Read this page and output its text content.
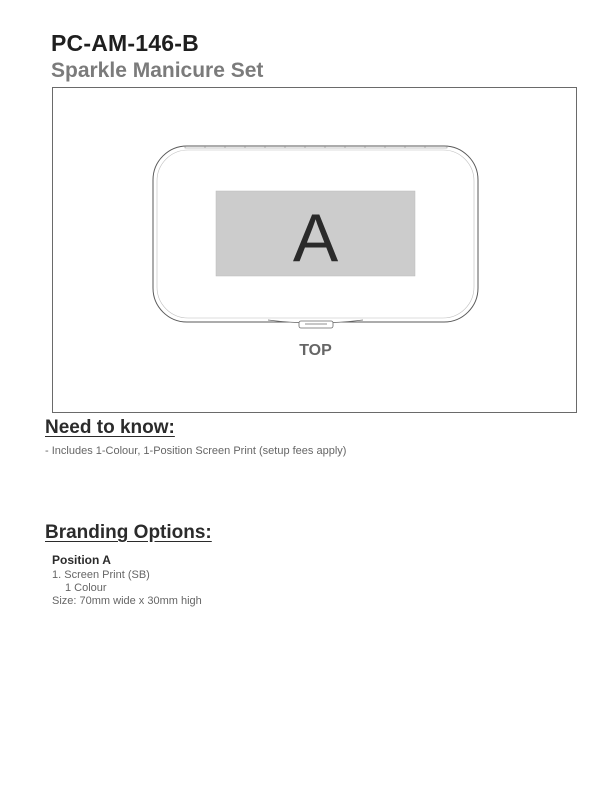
PC-AM-146-B
Sparkle Manicure Set
A
TOP
Need to know:
- Includes 1-Colour, 1-Position Screen Print (setup fees apply)
Branding Options:
Position A
1. Screen Print (SB)
1 Colour
Size: 70mm wide x 30mm high
